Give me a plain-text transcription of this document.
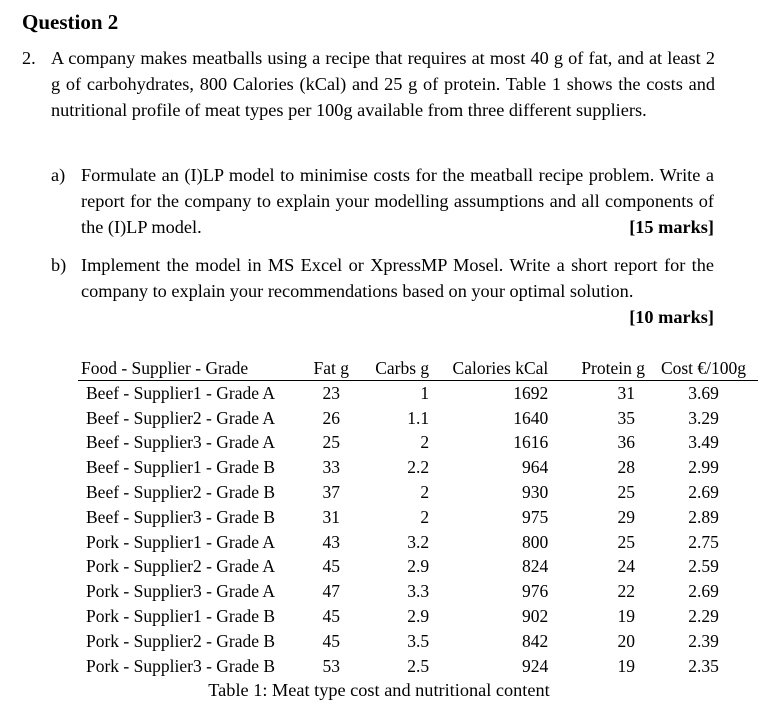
Question 2
2. A company makes meatballs using a recipe that requires at most 40 g of fat, and at least 2 g of carbohydrates, 800 Calories (kCal) and 25 g of protein. Table 1 shows the costs and nutritional profile of meat types per 100g available from three different suppliers.

a) Formulate an (I)LP model to minimise costs for the meatball recipe problem. Write a report for the company to explain your modelling assumptions and all components of the (I)LP model.	[15 marks]
b) Implement the model in MS Excel or XpressMP Mosel. Write a short report for the company to explain your recommendations based on your optimal solution.
[10 marks]
Food - Supplier - Grade	Fat g	Carbs g	Calories kCal	Protein g	Cost €/100g
Beef - Supplier1 - Grade A	23	1	1692	31	3.69
Beef - Supplier2 - Grade A	26	1.1	1640	35	3.29
Beef - Supplier3 - Grade A	25	2	1616	36	3.49
Beef - Supplier1 - Grade B	33	2.2	964	28	2.99
Beef - Supplier2 - Grade B	37	2	930	25	2.69
Beef - Supplier3 - Grade B	31	2	975	29	2.89
Pork - Supplier1 - Grade A	43	3.2	800	25	2.75
Pork - Supplier2 - Grade A	45	2.9	824	24	2.59
Pork - Supplier3 - Grade A	47	3.3	976	22	2.69
Pork - Supplier1 - Grade B	45	2.9	902	19	2.29
Pork - Supplier2 - Grade B	45	3.5	842	20	2.39
Pork - Supplier3 - Grade B	53	2.5	924	19	2.35

Table 1: Meat type cost and nutritional content
